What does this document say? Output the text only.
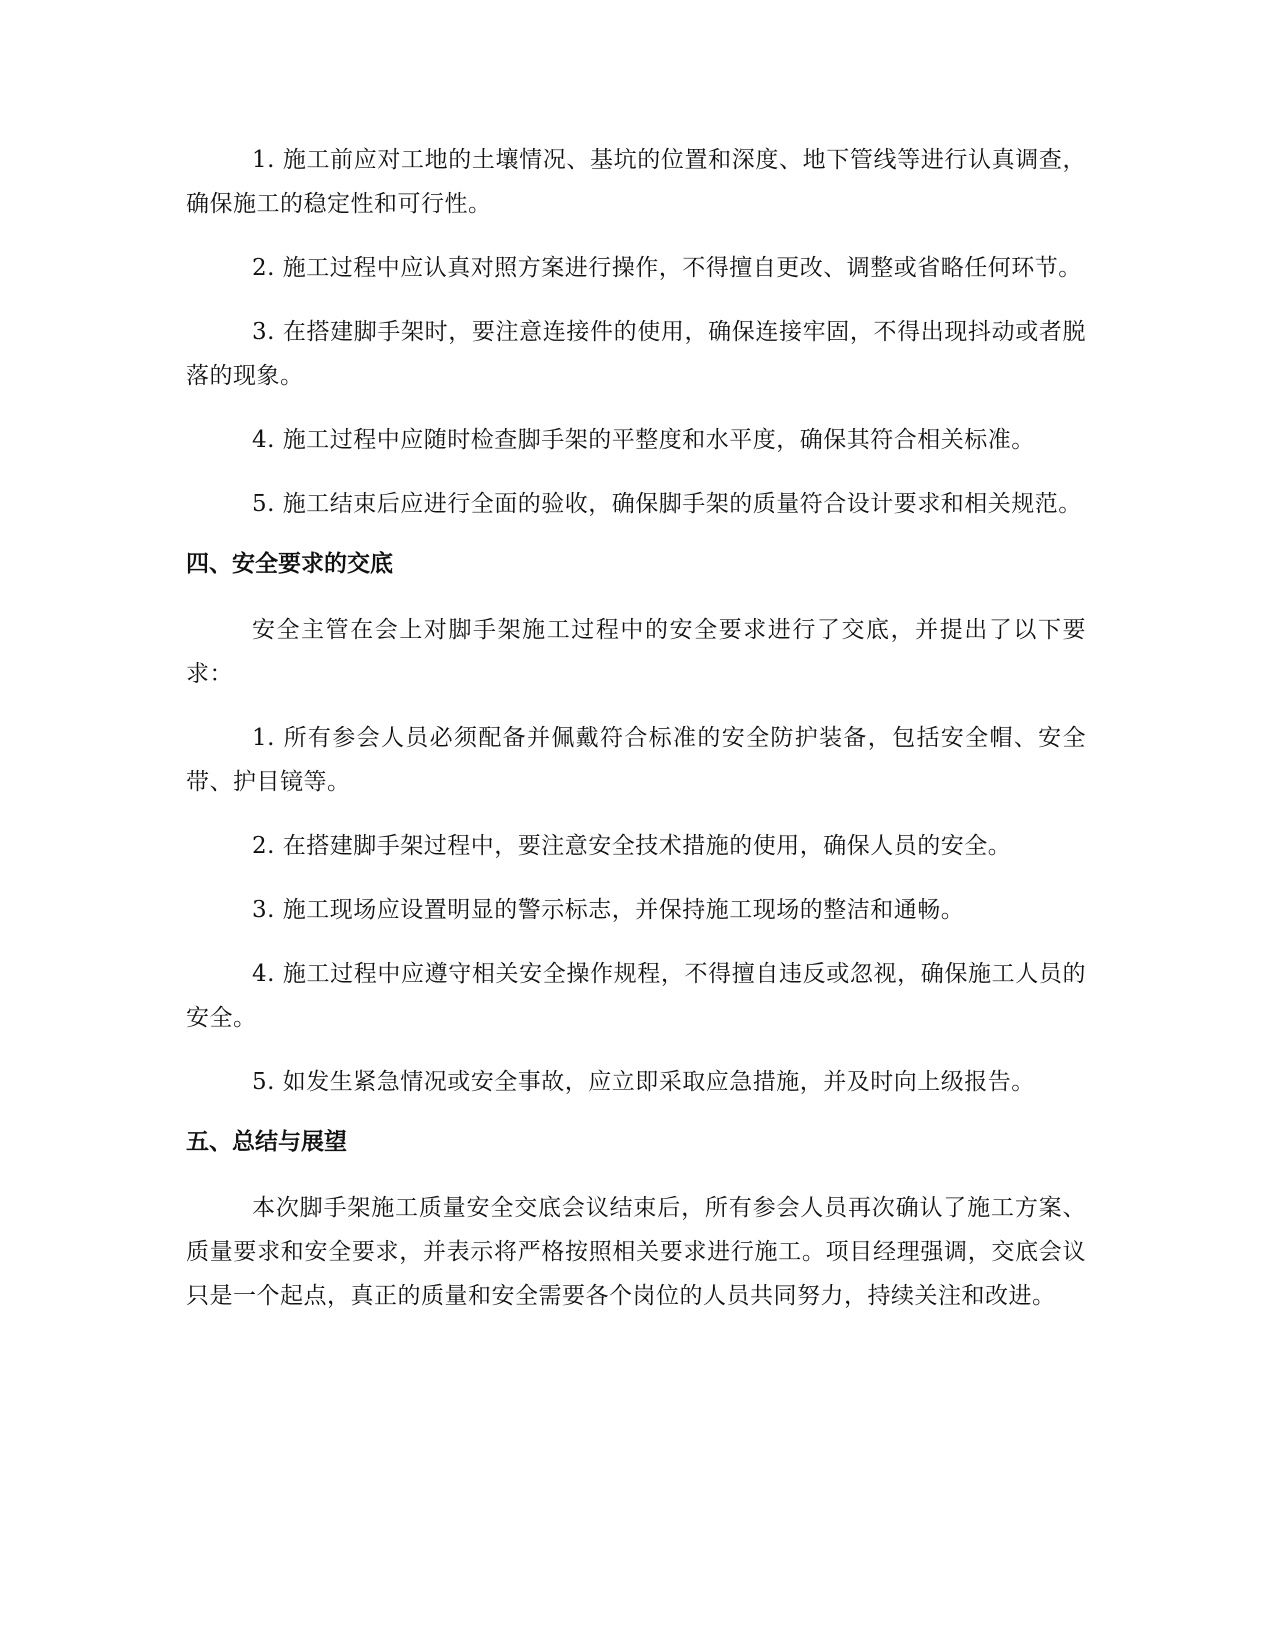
1. 施工前应对工地的土壤情况、基坑的位置和深度、地下管线等进行认真调查，确保施工的稳定性和可行性。

2. 施工过程中应认真对照方案进行操作，不得擅自更改、调整或省略任何环节。

3. 在搭建脚手架时，要注意连接件的使用，确保连接牢固，不得出现抖动或者脱落的现象。

4. 施工过程中应随时检查脚手架的平整度和水平度，确保其符合相关标准。

5. 施工结束后应进行全面的验收，确保脚手架的质量符合设计要求和相关规范。

四、安全要求的交底

安全主管在会上对脚手架施工过程中的安全要求进行了交底，并提出了以下要求：

1. 所有参会人员必须配备并佩戴符合标准的安全防护装备，包括安全帽、安全带、护目镜等。

2. 在搭建脚手架过程中，要注意安全技术措施的使用，确保人员的安全。

3. 施工现场应设置明显的警示标志，并保持施工现场的整洁和通畅。

4. 施工过程中应遵守相关安全操作规程，不得擅自违反或忽视，确保施工人员的安全。

5. 如发生紧急情况或安全事故，应立即采取应急措施，并及时向上级报告。

五、总结与展望

本次脚手架施工质量安全交底会议结束后，所有参会人员再次确认了施工方案、质量要求和安全要求，并表示将严格按照相关要求进行施工。项目经理强调，交底会议只是一个起点，真正的质量和安全需要各个岗位的人员共同努力，持续关注和改进。
